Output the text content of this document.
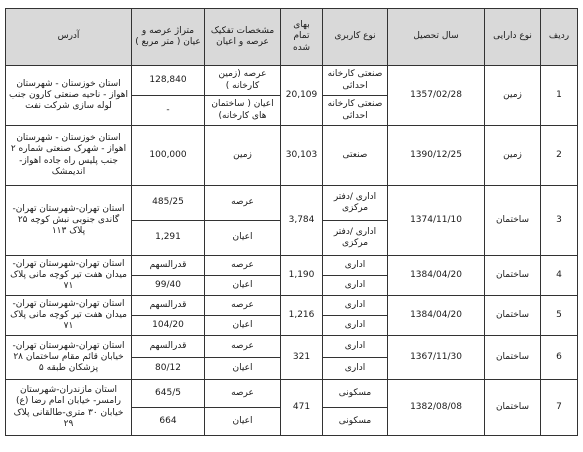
ردیف	نوع دارایی	سال تحصیل	نوع کاربری	بهای تمام شده	مشخصات تفکیک عرصه و اعیان	متراژ عرصه و عیان ( متر مربع )	آدرس
1	زمین	1357/02/28	صنعتی کارخانه احداثی	20,109	عرصه (زمین کارخانه )	128,840	استان خوزستان - شهرستان اهواز - ناحیه صنعتی کارون جنب لوله سازی شرکت نفت
			صنعتی کارخانه احداثی		اعیان ( ساختمان های کارخانه)	-	
2	زمین	1390/12/25	صنعتی	30,103	زمین	100,000	استان خوزستان - شهرستان اهواز - شهرک صنعتی شماره ۲ جنب پلیس راه جاده اهواز-اندیمشک
3	ساختمان	1374/11/10	اداری /دفتر مرکزی	3,784	عرصه	485/25	استان تهران-شهرستان تهران-گاندی جنوبی نبش کوچه ۲۵ پلاک ۱۱۳
			اداری /دفتر مرکزی		اعیان	1,291	
4	ساختمان	1384/04/20	اداری	1,190	عرصه	قدرالسهم	استان تهران-شهرستان تهران- میدان هفت تیر کوچه مانی پلاک ۷۱
			اداری		اعیان	99/40	
5	ساختمان	1384/04/20	اداری	1,216	عرصه	قدرالسهم	استان تهران-شهرستان تهران- میدان هفت تیر کوچه مانی پلاک ۷۱
			اداری		اعیان	104/20	
6	ساختمان	1367/11/30	اداری	321	عرصه	قدرالسهم	استان تهران-شهرستان تهران- خیابان قائم مقام ساختمان ۲۸ پزشکان طبقه ۵
			اداری		اعیان	80/12	
7	ساختمان	1382/08/08	مسکونی	471	عرصه	645/5	استان مازندران-شهرستان رامسر- خیابان امام رضا (ع) خیابان ۳۰ متری-طالقانی پلاک ۲۹
			مسکونی		اعیان	664	
